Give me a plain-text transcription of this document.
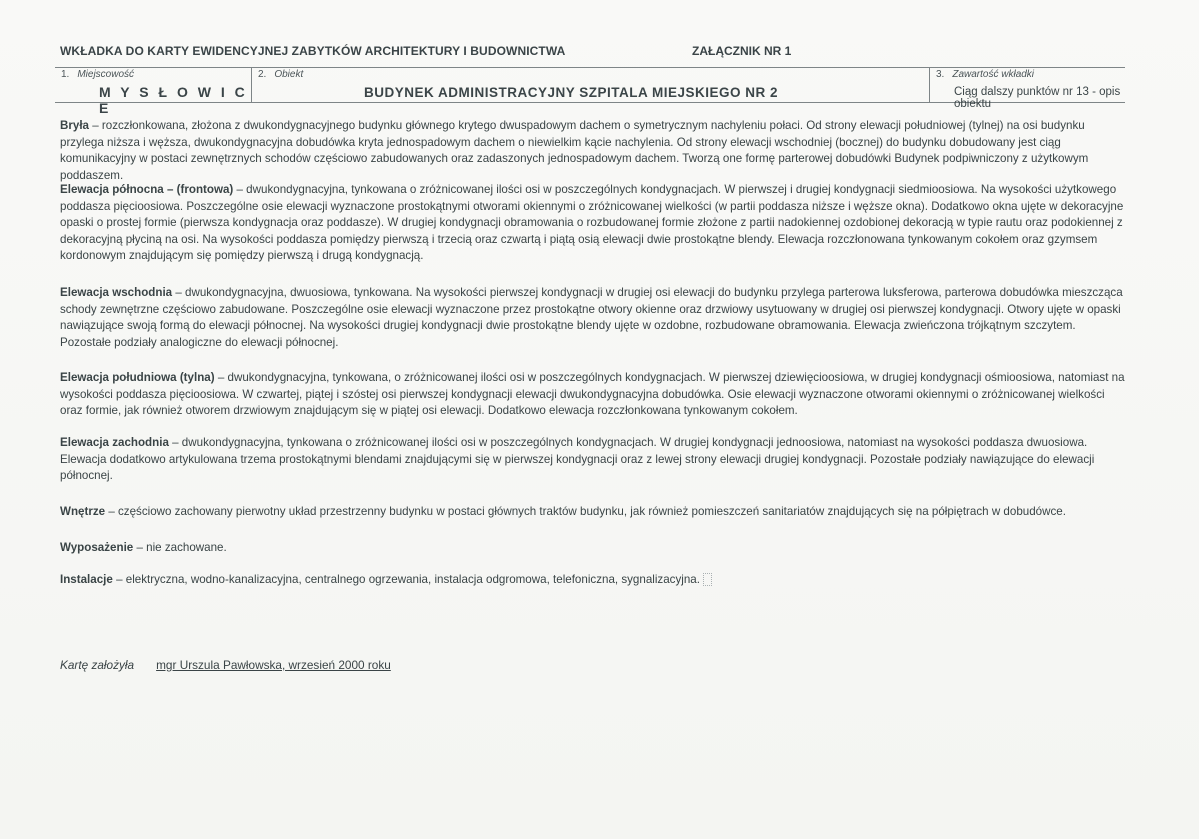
WKŁADKA DO KARTY EWIDENCYJNEJ ZABYTKÓW ARCHITEKTURY I BUDOWNICTWA	ZAŁĄCZNIK NR 1
1. Miejscowość
M Y S Ł O W I C E
2. Obiekt
BUDYNEK ADMINISTRACYJNY SZPITALA MIEJSKIEGO NR 2
3. Zawartość wkładki
Ciąg dalszy punktów nr 13 - opis obiektu

Bryła – rozczłonkowana, złożona z dwukondygnacyjnego budynku głównego krytego dwuspadowym dachem o symetrycznym nachyleniu połaci. Od strony elewacji południowej (tylnej) na osi budynku przylega niższa i węższa, dwukondygnacyjna dobudówka kryta jednospadowym dachem o niewielkim kącie nachylenia. Od strony elewacji wschodniej (bocznej) do budynku dobudowany jest ciąg komunikacyjny w postaci zewnętrznych schodów częściowo zabudowanych oraz zadaszonych jednospadowym dachem. Tworzą one formę parterowej dobudówki Budynek podpiwniczony z użytkowym poddaszem.

Elewacja północna – (frontowa) – dwukondygnacyjna, tynkowana o zróżnicowanej ilości osi w poszczególnych kondygnacjach. W pierwszej i drugiej kondygnacji siedmioosiowa. Na wysokości użytkowego poddasza pięcioosiowa. Poszczególne osie elewacji wyznaczone prostokątnymi otworami okiennymi o zróżnicowanej wielkości (w partii poddasza niższe i węższe okna). Dodatkowo okna ujęte w dekoracyjne opaski o prostej formie (pierwsza kondygnacja oraz poddasze). W drugiej kondygnacji obramowania o rozbudowanej formie złożone z partii nadokiennej ozdobionej dekoracją w typie rautu oraz podokiennej z dekoracyjną płyciną na osi. Na wysokości poddasza pomiędzy pierwszą i trzecią oraz czwartą i piątą osią elewacji dwie prostokątne blendy. Elewacja rozczłonowana tynkowanym cokołem oraz gzymsem kordonowym znajdującym się pomiędzy pierwszą i drugą kondygnacją.

Elewacja wschodnia – dwukondygnacyjna, dwuosiowa, tynkowana. Na wysokości pierwszej kondygnacji w drugiej osi elewacji do budynku przylega parterowa luksferowa, parterowa dobudówka mieszcząca schody zewnętrzne częściowo zabudowane. Poszczególne osie elewacji wyznaczone przez prostokątne otwory okienne oraz drzwiowy usytuowany w drugiej osi pierwszej kondygnacji. Otwory ujęte w opaski nawiązujące swoją formą do elewacji północnej. Na wysokości drugiej kondygnacji dwie prostokątne blendy ujęte w ozdobne, rozbudowane obramowania. Elewacja zwieńczona trójkątnym szczytem. Pozostałe podziały analogiczne do elewacji północnej.

Elewacja południowa (tylna) – dwukondygnacyjna, tynkowana, o zróżnicowanej ilości osi w poszczególnych kondygnacjach. W pierwszej dziewięcioosiowa, w drugiej kondygnacji ośmioosiowa, natomiast na wysokości poddasza pięcioosiowa. W czwartej, piątej i szóstej osi pierwszej kondygnacji elewacji dwukondygnacyjna dobudówka. Osie elewacji wyznaczone otworami okiennymi o zróżnicowanej wielkości oraz formie, jak również otworem drzwiowym znajdującym się w piątej osi elewacji. Dodatkowo elewacja rozczłonkowana tynkowanym cokołem.

Elewacja zachodnia – dwukondygnacyjna, tynkowana o zróżnicowanej ilości osi w poszczególnych kondygnacjach. W drugiej kondygnacji jednoosiowa, natomiast na wysokości poddasza dwuosiowa. Elewacja dodatkowo artykulowana trzema prostokątnymi blendami znajdującymi się w pierwszej kondygnacji oraz z lewej strony elewacji drugiej kondygnacji. Pozostałe podziały nawiązujące do elewacji północnej.

Wnętrze – częściowo zachowany pierwotny układ przestrzenny budynku w postaci głównych traktów budynku, jak również pomieszczeń sanitariatów znajdujących się na półpiętrach w dobudówce.

Wyposażenie – nie zachowane.

Instalacje – elektryczna, wodno-kanalizacyjna, centralnego ogrzewania, instalacja odgromowa, telefoniczna, sygnalizacyjna.

Kartę założyła mgr Urszula Pawłowska, wrzesień 2000 roku
